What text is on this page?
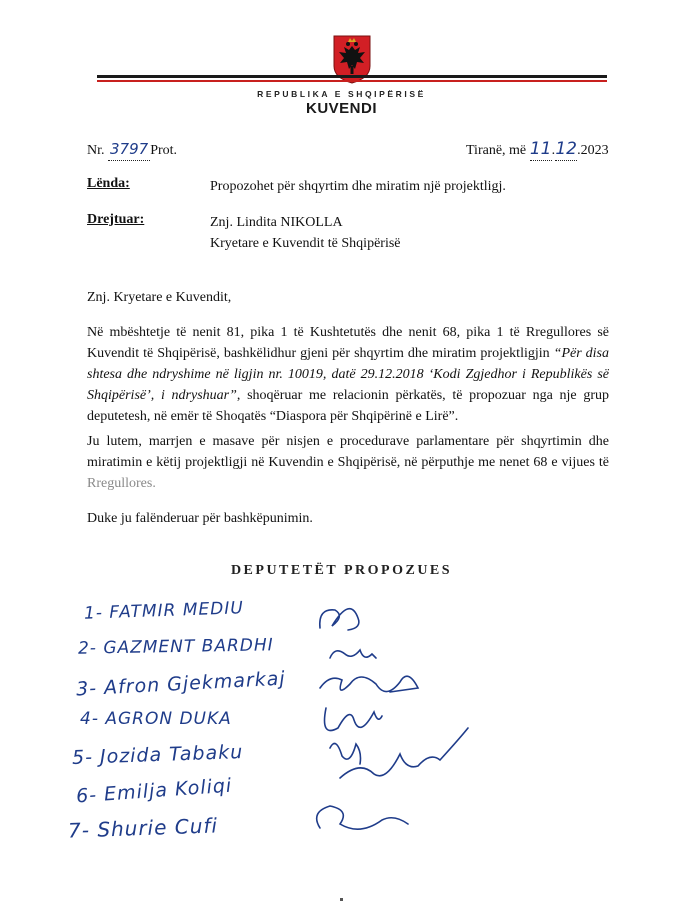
REPUBLIKA E SHQIPËRISË
KUVENDI
Nr. 3797 Prot.	Tiranë, më 11.12.2023
Lënda:	Propozohet për shqyrtim dhe miratim një projektligj.
Drejtuar:	Znj. Lindita NIKOLLA
Kryetare e Kuvendit të Shqipërisë
Znj. Kryetare e Kuvendit,
Në mbështetje të nenit 81, pika 1 të Kushtetutës dhe nenit 68, pika 1 të Rregullores së Kuvendit të Shqipërisë, bashkëlidhur gjeni për shqyrtim dhe miratim projektligjin “Për disa shtesa dhe ndryshime në ligjin nr. 10019, datë 29.12.2018 ‘Kodi Zgjedhor i Republikës së Shqipërisë’, i ndryshuar”, shoqëruar me relacionin përkatës, të propozuar nga nje grup deputetesh, në emër të Shoqatës “Diaspora për Shqipërinë e Lirë”.
Ju lutem, marrjen e masave për nisjen e procedurave parlamentare për shqyrtimin dhe miratimin e këtij projektligji në Kuvendin e Shqipërisë, në përputhje me nenet 68 e vijues të Rregullores.
Duke ju falënderuar për bashkëpunimin.
DEPUTETËT PROPOZUES
1- FATMIR MEDIU
2- GAZMENT BARDHI
3- Afron Gjekmarkaj
4- AGRON DUKA
5- Jozida Tabaku
6- Emilja Koliqi
7- Shurie Cufi
